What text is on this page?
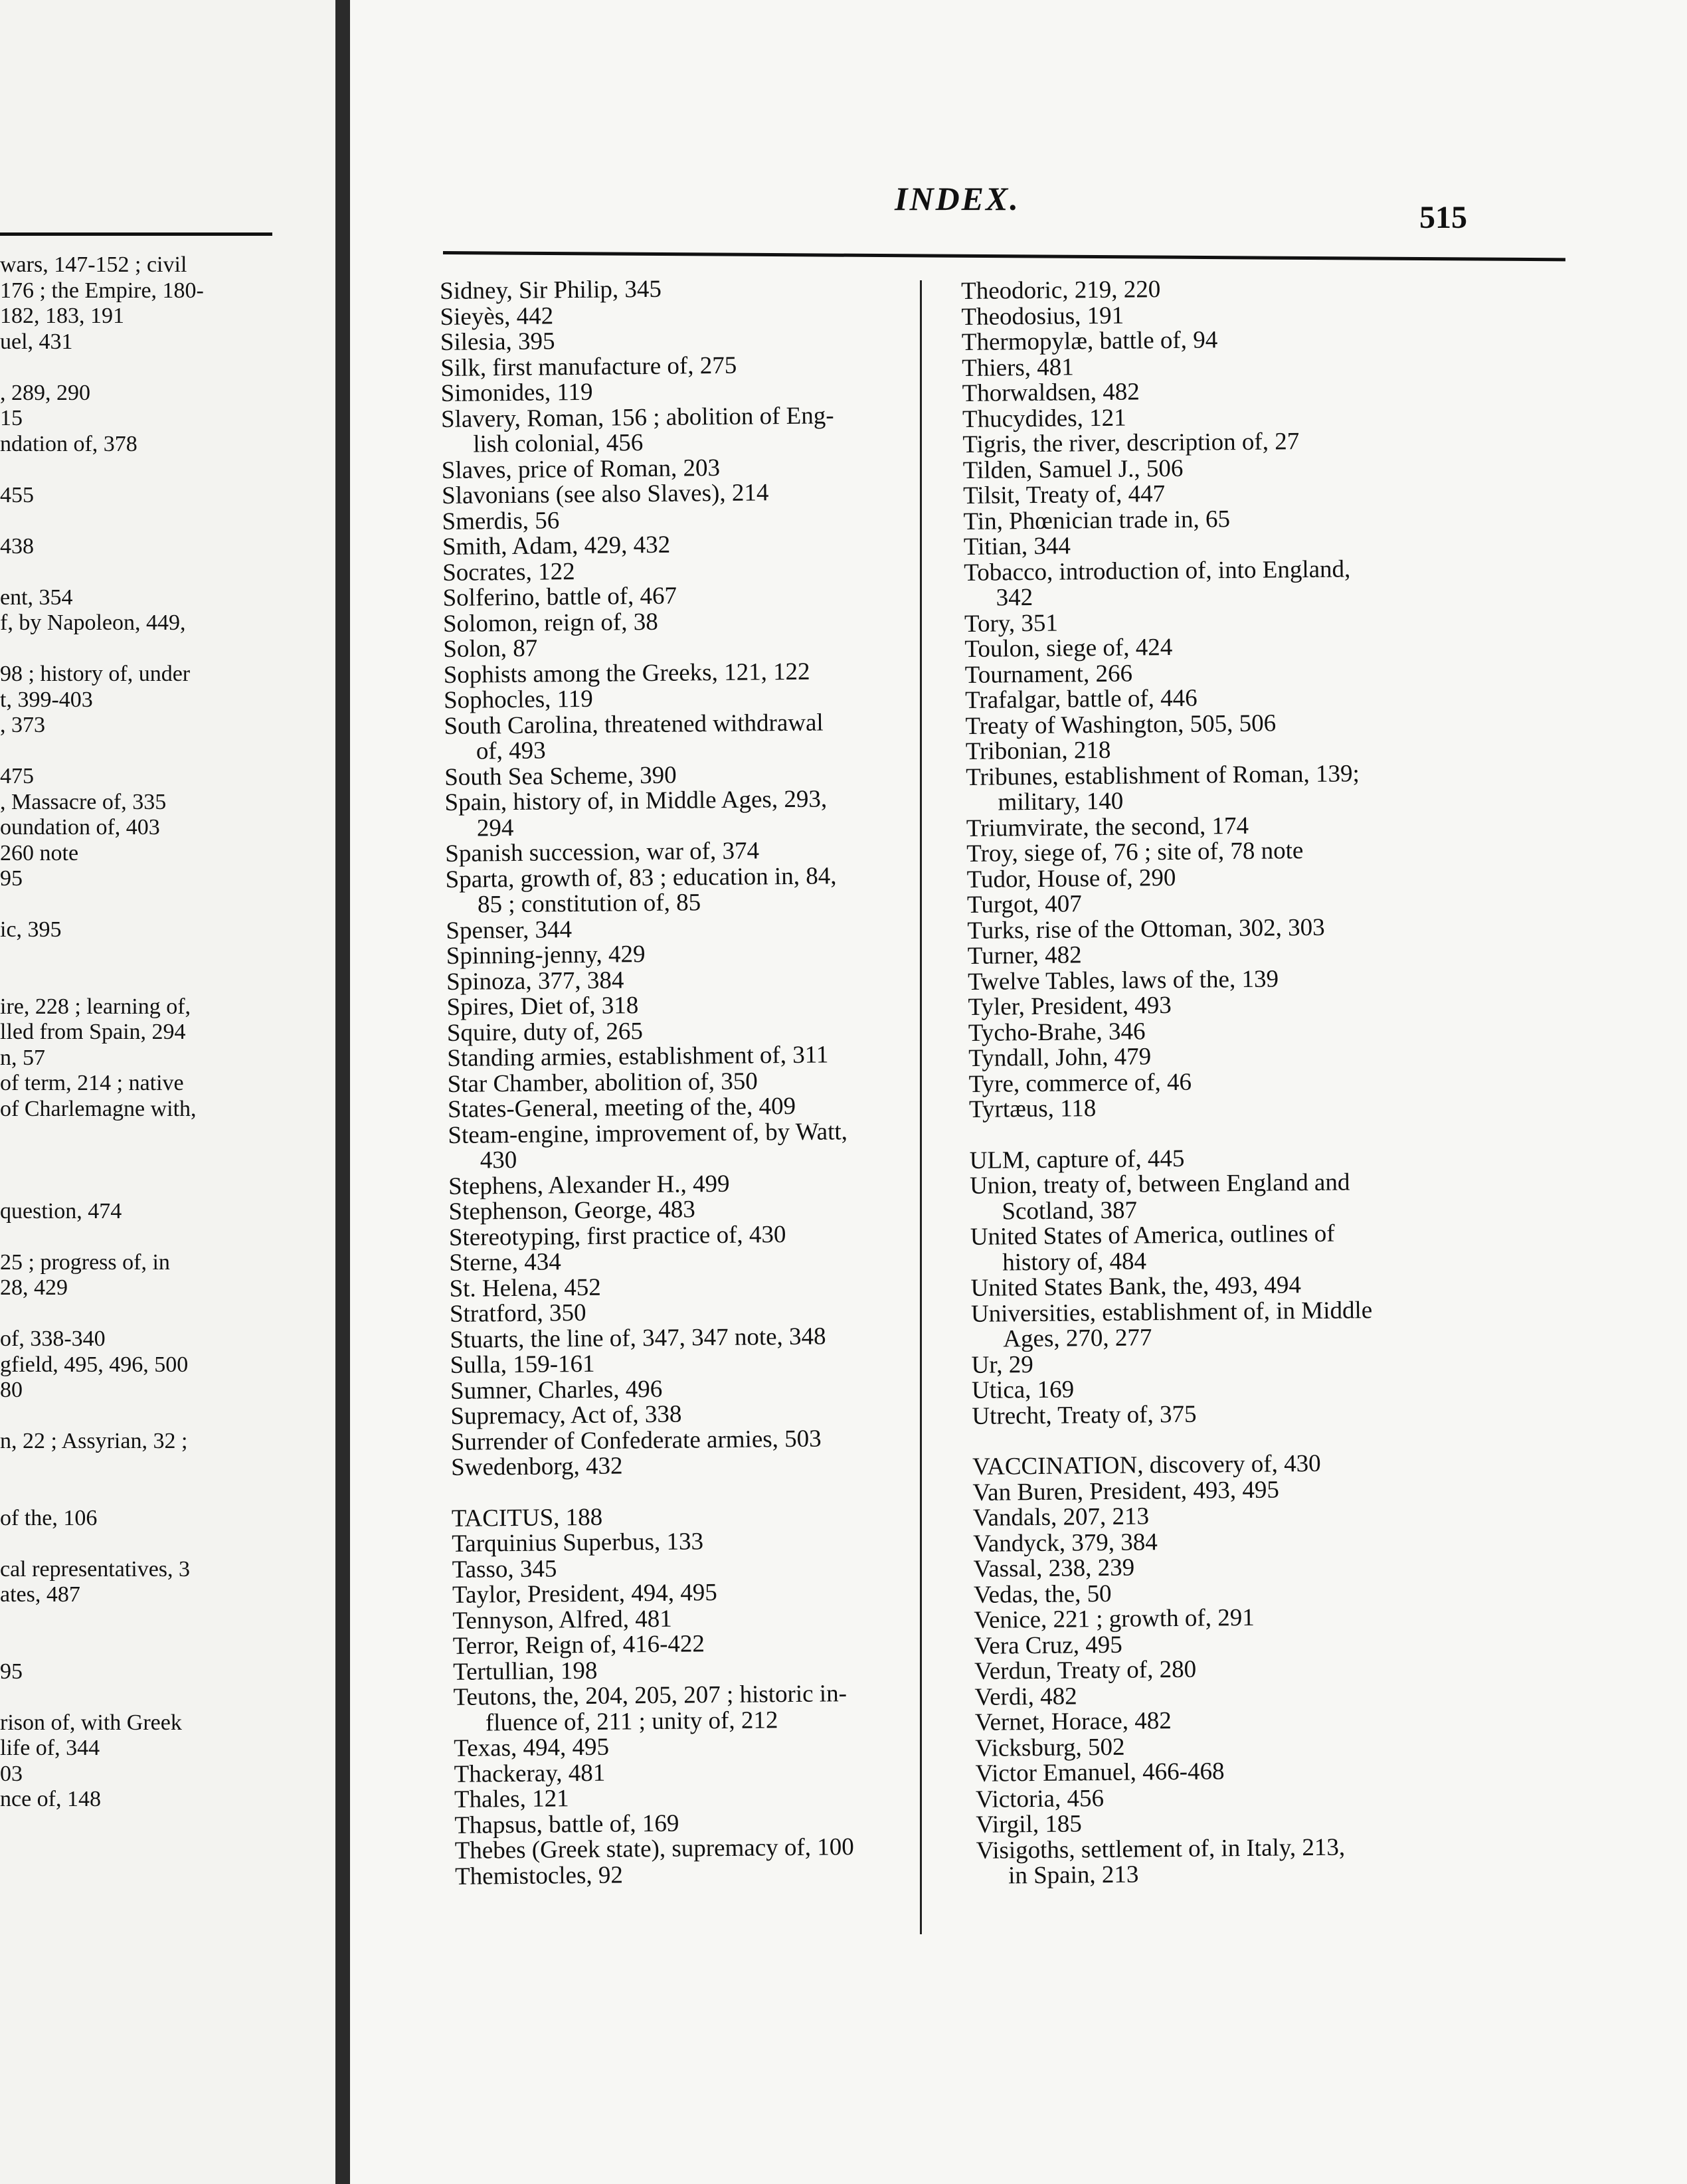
wars, 147-152 ; civil
176 ; the Empire, 180-
182, 183, 191
uel, 431
, 289, 290
15
ndation of, 378
455
438
ent, 354
f, by Napoleon, 449,
98 ; history of, under
t, 399-403
, 373
475
, Massacre of, 335
oundation of, 403
260 note
95
ic, 395
ire, 228 ; learning of,
lled from Spain, 294
n, 57
of term, 214 ; native
of Charlemagne with,
question, 474
25 ; progress of, in
28, 429
of, 338-340
gfield, 495, 496, 500
80
n, 22 ; Assyrian, 32 ;
of the, 106
cal representatives, 3
ates, 487
95
rison of, with Greek
life of, 344
03
nce of, 148
INDEX.
515
Sidney, Sir Philip, 345
Sieyès, 442
Silesia, 395
Silk, first manufacture of, 275
Simonides, 119
Slavery, Roman, 156 ; abolition of Eng-
lish colonial, 456
Slaves, price of Roman, 203
Slavonians (see also Slaves), 214
Smerdis, 56
Smith, Adam, 429, 432
Socrates, 122
Solferino, battle of, 467
Solomon, reign of, 38
Solon, 87
Sophists among the Greeks, 121, 122
Sophocles, 119
South Carolina, threatened withdrawal
of, 493
South Sea Scheme, 390
Spain, history of, in Middle Ages, 293,
294
Spanish succession, war of, 374
Sparta, growth of, 83 ; education in, 84,
85 ; constitution of, 85
Spenser, 344
Spinning-jenny, 429
Spinoza, 377, 384
Spires, Diet of, 318
Squire, duty of, 265
Standing armies, establishment of, 311
Star Chamber, abolition of, 350
States-General, meeting of the, 409
Steam-engine, improvement of, by Watt,
430
Stephens, Alexander H., 499
Stephenson, George, 483
Stereotyping, first practice of, 430
Sterne, 434
St. Helena, 452
Stratford, 350
Stuarts, the line of, 347, 347 note, 348
Sulla, 159-161
Sumner, Charles, 496
Supremacy, Act of, 338
Surrender of Confederate armies, 503
Swedenborg, 432
TACITUS, 188
Tarquinius Superbus, 133
Tasso, 345
Taylor, President, 494, 495
Tennyson, Alfred, 481
Terror, Reign of, 416-422
Tertullian, 198
Teutons, the, 204, 205, 207 ; historic in-
fluence of, 211 ; unity of, 212
Texas, 494, 495
Thackeray, 481
Thales, 121
Thapsus, battle of, 169
Thebes (Greek state), supremacy of, 100
Themistocles, 92
Theodoric, 219, 220
Theodosius, 191
Thermopylæ, battle of, 94
Thiers, 481
Thorwaldsen, 482
Thucydides, 121
Tigris, the river, description of, 27
Tilden, Samuel J., 506
Tilsit, Treaty of, 447
Tin, Phœnician trade in, 65
Titian, 344
Tobacco, introduction of, into England,
342
Tory, 351
Toulon, siege of, 424
Tournament, 266
Trafalgar, battle of, 446
Treaty of Washington, 505, 506
Tribonian, 218
Tribunes, establishment of Roman, 139;
military, 140
Triumvirate, the second, 174
Troy, siege of, 76 ; site of, 78 note
Tudor, House of, 290
Turgot, 407
Turks, rise of the Ottoman, 302, 303
Turner, 482
Twelve Tables, laws of the, 139
Tyler, President, 493
Tycho-Brahe, 346
Tyndall, John, 479
Tyre, commerce of, 46
Tyrtæus, 118
ULM, capture of, 445
Union, treaty of, between England and
Scotland, 387
United States of America, outlines of
history of, 484
United States Bank, the, 493, 494
Universities, establishment of, in Middle
Ages, 270, 277
Ur, 29
Utica, 169
Utrecht, Treaty of, 375
VACCINATION, discovery of, 430
Van Buren, President, 493, 495
Vandals, 207, 213
Vandyck, 379, 384
Vassal, 238, 239
Vedas, the, 50
Venice, 221 ; growth of, 291
Vera Cruz, 495
Verdun, Treaty of, 280
Verdi, 482
Vernet, Horace, 482
Vicksburg, 502
Victor Emanuel, 466-468
Victoria, 456
Virgil, 185
Visigoths, settlement of, in Italy, 213,
in Spain, 213
